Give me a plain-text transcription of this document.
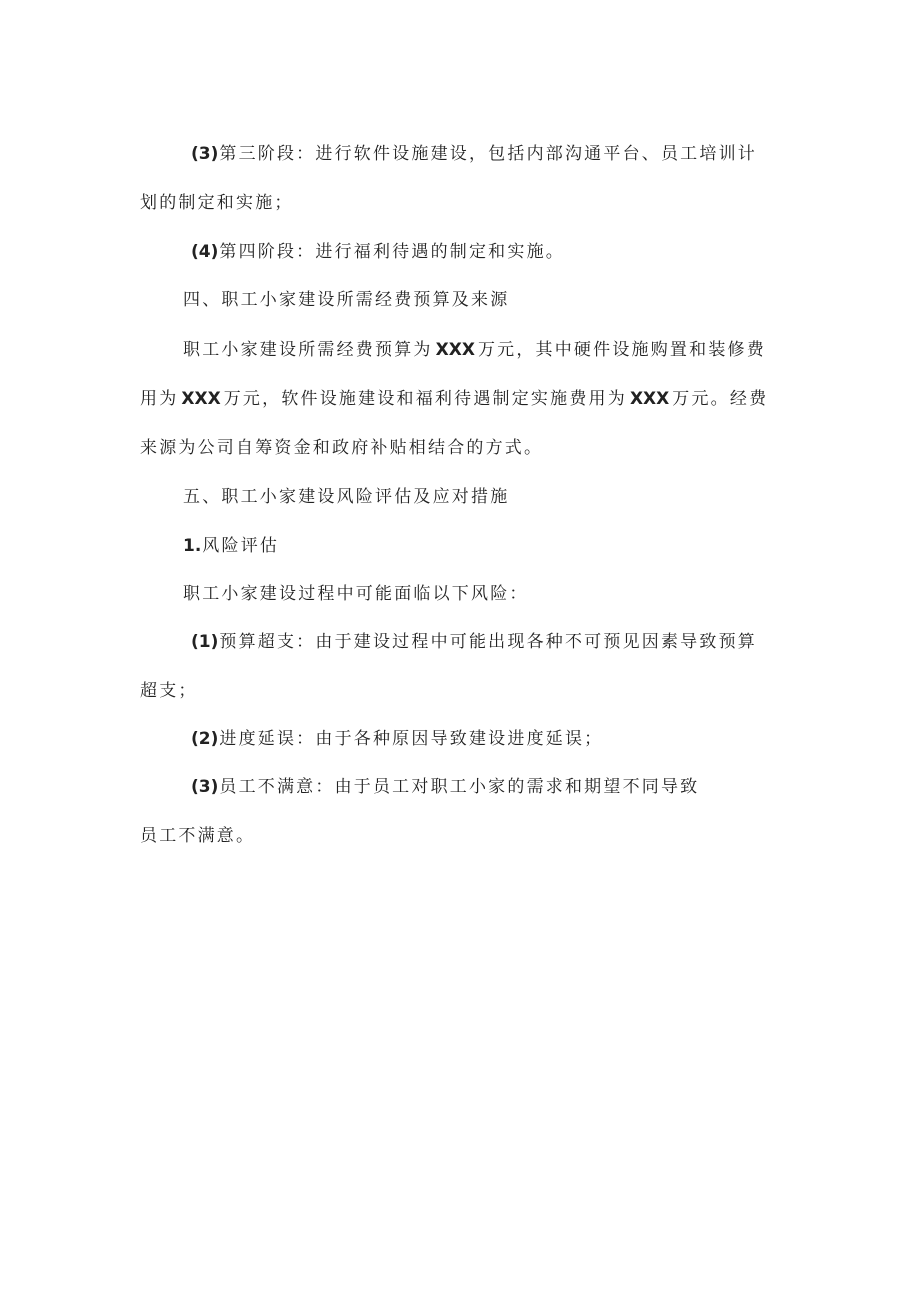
(3)第三阶段：进行软件设施建设，包括内部沟通平台、员工培训计
划的制定和实施；
(4)第四阶段：进行福利待遇的制定和实施。
四、职工小家建设所需经费预算及来源
职工小家建设所需经费预算为 XXX 万元，其中硬件设施购置和装修费
用为 XXX 万元，软件设施建设和福利待遇制定实施费用为 XXX 万元。经费
来源为公司自筹资金和政府补贴相结合的方式。
五、职工小家建设风险评估及应对措施
1.风险评估
职工小家建设过程中可能面临以下风险：
(1)预算超支：由于建设过程中可能出现各种不可预见因素导致预算
超支；
(2)进度延误：由于各种原因导致建设进度延误；
(3)员工不满意：由于员工对职工小家的需求和期望不同导致
员工不满意。
